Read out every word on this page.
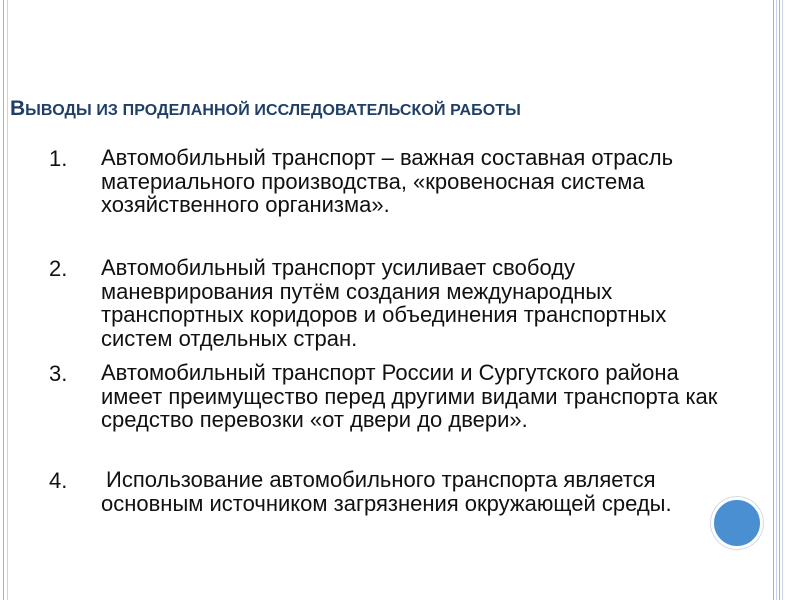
ВЫВОДЫ ИЗ ПРОДЕЛАННОЙ ИССЛЕДОВАТЕЛЬСКОЙ РАБОТЫ
1. Автомобильный транспорт – важная составная отрасль материального производства, «кровеносная система хозяйственного организма».
2. Автомобильный транспорт усиливает свободу маневрирования путём создания международных транспортных коридоров и объединения транспортных систем отдельных стран.
3. Автомобильный транспорт России и Сургутского района имеет преимущество перед другими видами транспорта как средство перевозки «от двери до двери».
4. Использование автомобильного транспорта является основным источником загрязнения окружающей среды.
